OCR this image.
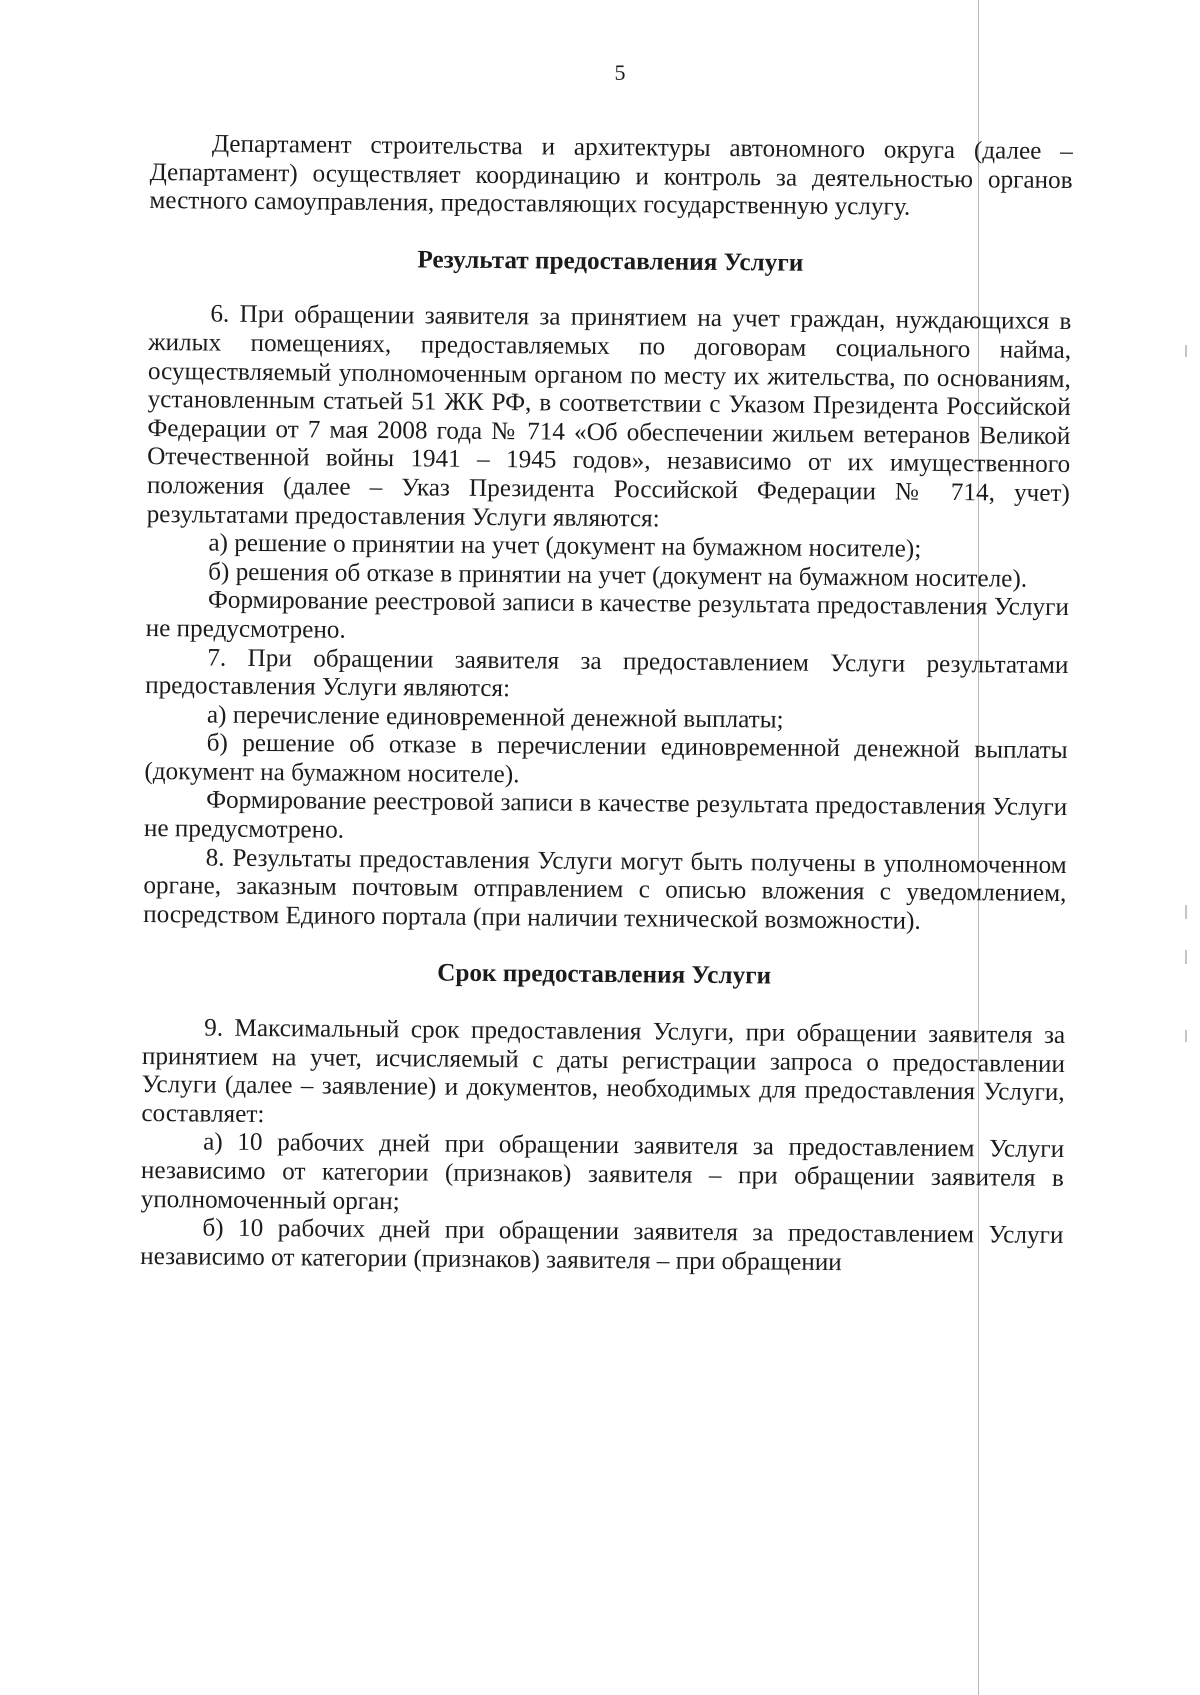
5

Департамент строительства и архитектуры автономного округа (далее – Департамент) осуществляет координацию и контроль за деятельностью органов местного самоуправления, предоставляющих государственную услугу.

Результат предоставления Услуги

6. При обращении заявителя за принятием на учет граждан, нуждающихся в жилых помещениях, предоставляемых по договорам социального найма, осуществляемый уполномоченным органом по месту их жительства, по основаниям, установленным статьей 51 ЖК РФ, в соответствии с Указом Президента Российской Федерации от 7 мая 2008 года № 714 «Об обеспечении жильем ветеранов Великой Отечественной войны 1941 – 1945 годов», независимо от их имущественного положения (далее – Указ Президента Российской Федерации № 714, учет) результатами предоставления Услуги являются:

а) решение о принятии на учет (документ на бумажном носителе);

б) решения об отказе в принятии на учет (документ на бумажном носителе).

Формирование реестровой записи в качестве результата предоставления Услуги не предусмотрено.

7. При обращении заявителя за предоставлением Услуги результатами предоставления Услуги являются:

а) перечисление единовременной денежной выплаты;

б) решение об отказе в перечислении единовременной денежной выплаты (документ на бумажном носителе).

Формирование реестровой записи в качестве результата предоставления Услуги не предусмотрено.

8. Результаты предоставления Услуги могут быть получены в уполномоченном органе, заказным почтовым отправлением с описью вложения с уведомлением, посредством Единого портала (при наличии технической возможности).

Срок предоставления Услуги

9. Максимальный срок предоставления Услуги, при обращении заявителя за принятием на учет, исчисляемый с даты регистрации запроса о предоставлении Услуги (далее – заявление) и документов, необходимых для предоставления Услуги, составляет:

а) 10 рабочих дней при обращении заявителя за предоставлением Услуги независимо от категории (признаков) заявителя – при обращении заявителя в уполномоченный орган;

б) 10 рабочих дней при обращении заявителя за предоставлением Услуги независимо от категории (признаков) заявителя – при обращении
